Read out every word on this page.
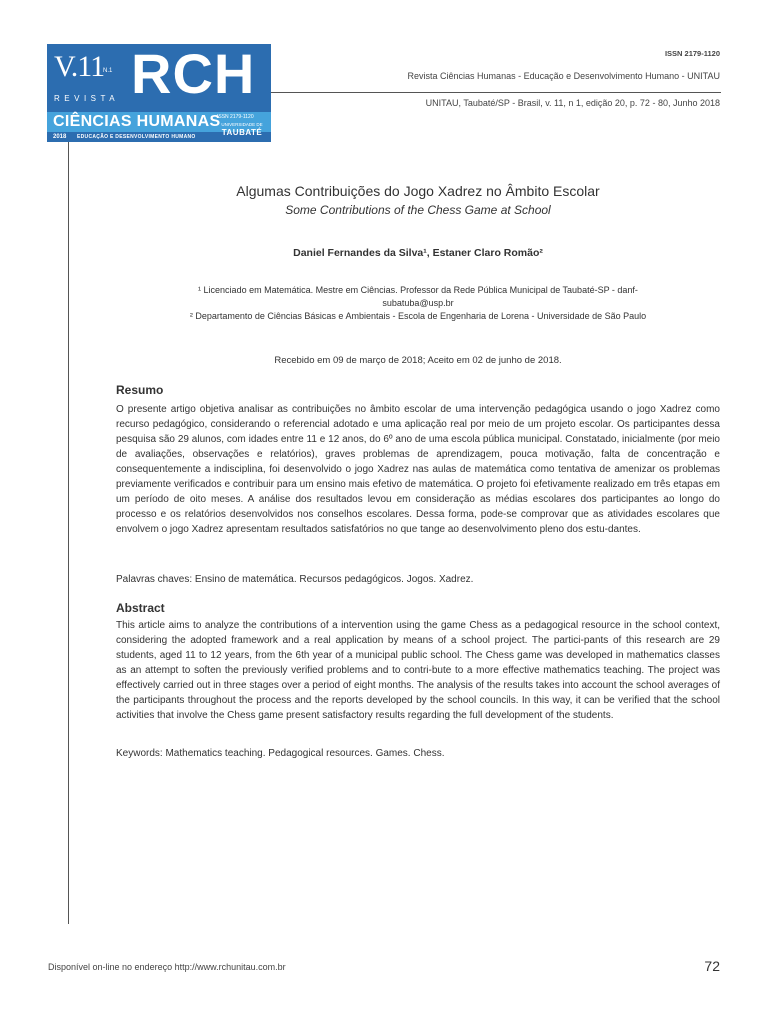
V.11
N.1
REVISTA RCH
CIÊNCIAS HUMANAS
ISSN 2179-1120
2018 EDUCAÇÃO E DESENVOLVIMENTO HUMANO
UNIVERSIDADE DE
TAUBATÉ
ISSN 2179-1120
Revista Ciências Humanas - Educação e Desenvolvimento Humano - UNITAU
UNITAU, Taubaté/SP - Brasil, v. 11, n 1, edição 20, p. 72 - 80, Junho 2018
Algumas Contribuições do Jogo Xadrez no Âmbito Escolar
Some Contributions of the Chess Game at School
Daniel Fernandes da Silva¹, Estaner Claro Romão²
¹ Licenciado em Matemática. Mestre em Ciências. Professor da Rede Pública Municipal de Taubaté-SP - danf-
subatuba@usp.br
² Departamento de Ciências Básicas e Ambientais - Escola de Engenharia de Lorena - Universidade de São Paulo
Recebido em 09 de março de 2018; Aceito em 02 de junho de 2018.
Resumo
O presente artigo objetiva analisar as contribuições no âmbito escolar de uma intervenção pedagógica usando o jogo Xadrez como recurso pedagógico, considerando o referencial adotado e uma aplicação real por meio de um projeto escolar. Os participantes dessa pesquisa são 29 alunos, com idades entre 11 e 12 anos, do 6º ano de uma escola pública municipal. Constatado, inicialmente (por meio de avaliações, observações e relatórios), graves problemas de aprendizagem, pouca motivação, falta de concentração e consequentemente a indisciplina, foi desenvolvido o jogo Xadrez nas aulas de matemática como tentativa de amenizar os problemas previamente verificados e contribuir para um ensino mais efetivo de matemática. O projeto foi efetivamente realizado em três etapas em um período de oito meses. A análise dos resultados levou em consideração as médias escolares dos participantes ao longo do processo e os relatórios desenvolvidos nos conselhos escolares. Dessa forma, pode-se comprovar que as atividades escolares que envolvem o jogo Xadrez apresentam resultados satisfatórios no que tange ao desenvolvimento pleno dos estu-dantes.
Palavras chaves: Ensino de matemática. Recursos pedagógicos. Jogos. Xadrez.
Abstract
This article aims to analyze the contributions of a intervention using the game Chess as a pedagogical resource in the school context, considering the adopted framework and a real application by means of a school project. The partici-pants of this research are 29 students, aged 11 to 12 years, from the 6th year of a municipal public school. The Chess game was developed in mathematics classes as an attempt to soften the previously verified problems and to contri-bute to a more effective mathematics teaching. The project was effectively carried out in three stages over a period of eight months. The analysis of the results takes into account the school averages of the participants throughout the process and the reports developed by the school councils. In this way, it can be verified that the school activities that involve the Chess game present satisfactory results regarding the full development of the students.
Keywords: Mathematics teaching. Pedagogical resources. Games. Chess.
Disponível on-line no endereço http://www.rchunitau.com.br	72
